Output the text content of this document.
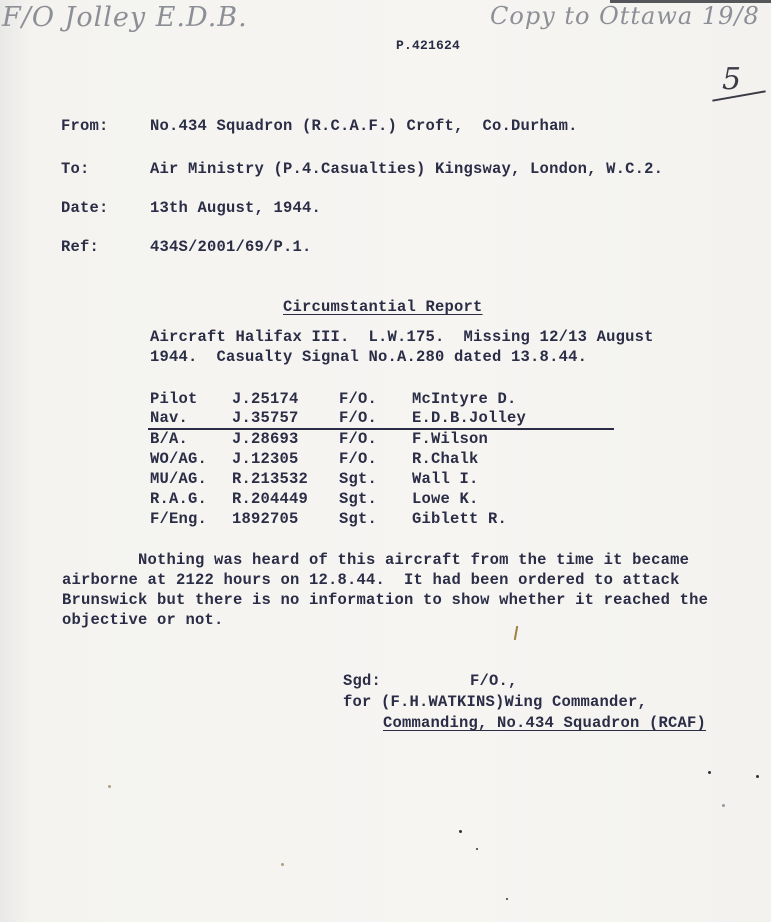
F/O Jolley E.D.B.	Copy to Ottawa 19/8
5
P.421624
From:	No.434 Squadron (R.C.A.F.) Croft,  Co.Durham.
To:	Air Ministry (P.4.Casualties) Kingsway, London, W.C.2.
Date:	13th August, 1944.
Ref:	434S/2001/69/P.1.
Circumstantial Report
Aircraft Halifax III.  L.W.175.  Missing 12/13 August
1944.  Casualty Signal No.A.280 dated 13.8.44.
Pilot J.25174	F/O. McIntyre D.
Nav.	J.35757	F/O. E.D.B.Jolley
B/A.	J.28693	F/O. F.Wilson
WO/AG. J.12305	F/O. R.Chalk
MU/AG. R.213532 Sgt. Wall I.
R.A.G. R.204449 Sgt. Lowe K.
F/Eng. 1892705	Sgt. Giblett R.
Nothing was heard of this aircraft from the time it became
airborne at 2122 hours on 12.8.44.  It had been ordered to attack
Brunswick but there is no information to show whether it reached the
objective or not.
Sgd:	F/O.,
for (F.H.WATKINS)Wing Commander,
Commanding, No.434 Squadron (RCAF)
